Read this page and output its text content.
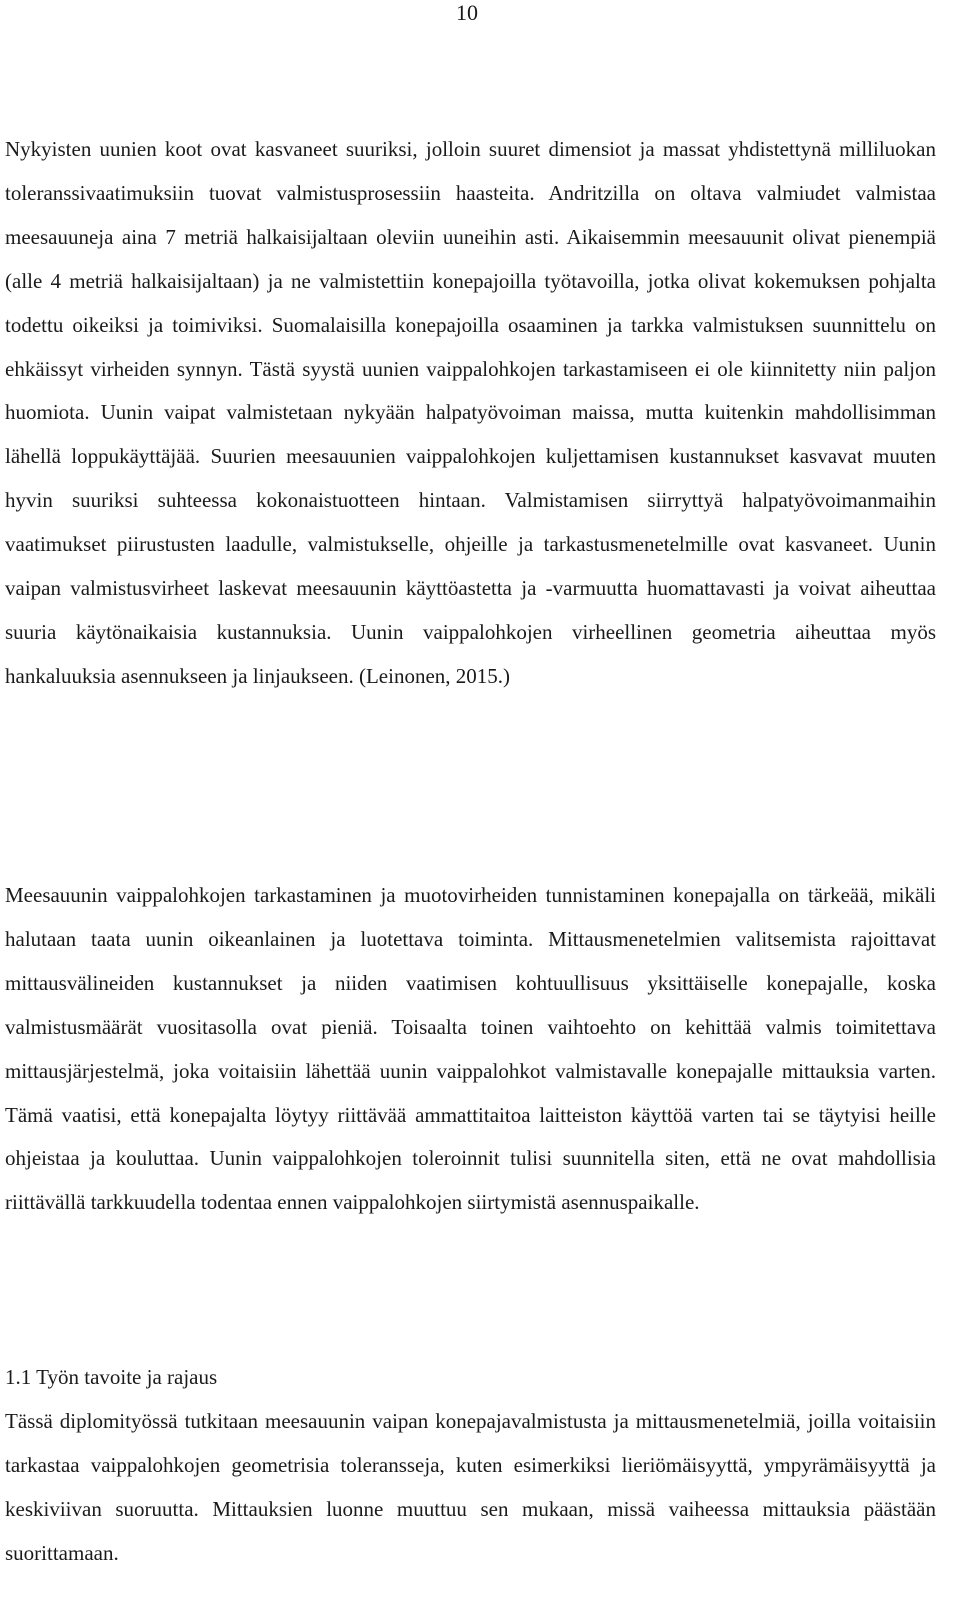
10

Nykyisten uunien koot ovat kasvaneet suuriksi, jolloin suuret dimensiot ja massat yhdistettynä milliluokan toleranssivaatimuksiin tuovat valmistusprosessiin haasteita. Andritzilla on oltava valmiudet valmistaa meesauuneja aina 7 metriä halkaisijaltaan oleviin uuneihin asti. Aikaisemmin meesauunit olivat pienempiä (alle 4 metriä halkaisijaltaan) ja ne valmistettiin konepajoilla työtavoilla, jotka olivat kokemuksen pohjalta todettu oikeiksi ja toimiviksi. Suomalaisilla konepajoilla osaaminen ja tarkka valmistuksen suunnittelu on ehkäissyt virheiden synnyn. Tästä syystä uunien vaippalohkojen tarkastamiseen ei ole kiinnitetty niin paljon huomiota. Uunin vaipat valmistetaan nykyään halpatyövoiman maissa, mutta kuitenkin mahdollisimman lähellä loppukäyttäjää. Suurien meesauunien vaippalohkojen kuljettamisen kustannukset kasvavat muuten hyvin suuriksi suhteessa kokonaistuotteen hintaan. Valmistamisen siirryttyä halpatyövoimanmaihin vaatimukset piirustusten laadulle, valmistukselle, ohjeille ja tarkastusmenetelmille ovat kasvaneet. Uunin vaipan valmistusvirheet laskevat meesauunin käyttöastetta ja -varmuutta huomattavasti ja voivat aiheuttaa suuria käytönaikaisia kustannuksia. Uunin vaippalohkojen virheellinen geometria aiheuttaa myös hankaluuksia asennukseen ja linjaukseen. (Leinonen, 2015.)

Meesauunin vaippalohkojen tarkastaminen ja muotovirheiden tunnistaminen konepajalla on tärkeää, mikäli halutaan taata uunin oikeanlainen ja luotettava toiminta. Mittausmenetelmien valitsemista rajoittavat mittausvälineiden kustannukset ja niiden vaatimisen kohtuullisuus yksittäiselle konepajalle, koska valmistusmäärät vuositasolla ovat pieniä. Toisaalta toinen vaihtoehto on kehittää valmis toimitettava mittausjärjestelmä, joka voitaisiin lähettää uunin vaippalohkot valmistavalle konepajalle mittauksia varten. Tämä vaatisi, että konepajalta löytyy riittävää ammattitaitoa laitteiston käyttöä varten tai se täytyisi heille ohjeistaa ja kouluttaa. Uunin vaippalohkojen toleroinnit tulisi suunnitella siten, että ne ovat mahdollisia riittävällä tarkkuudella todentaa ennen vaippalohkojen siirtymistä asennuspaikalle.

1.1 Työn tavoite ja rajaus

Tässä diplomityössä tutkitaan meesauunin vaipan konepajavalmistusta ja mittausmenetelmiä, joilla voitaisiin tarkastaa vaippalohkojen geometrisia toleransseja, kuten esimerkiksi lieriömäisyyttä, ympyrämäisyyttä ja keskiviivan suoruutta. Mittauksien luonne muuttuu sen mukaan, missä vaiheessa mittauksia päästään suorittamaan.
